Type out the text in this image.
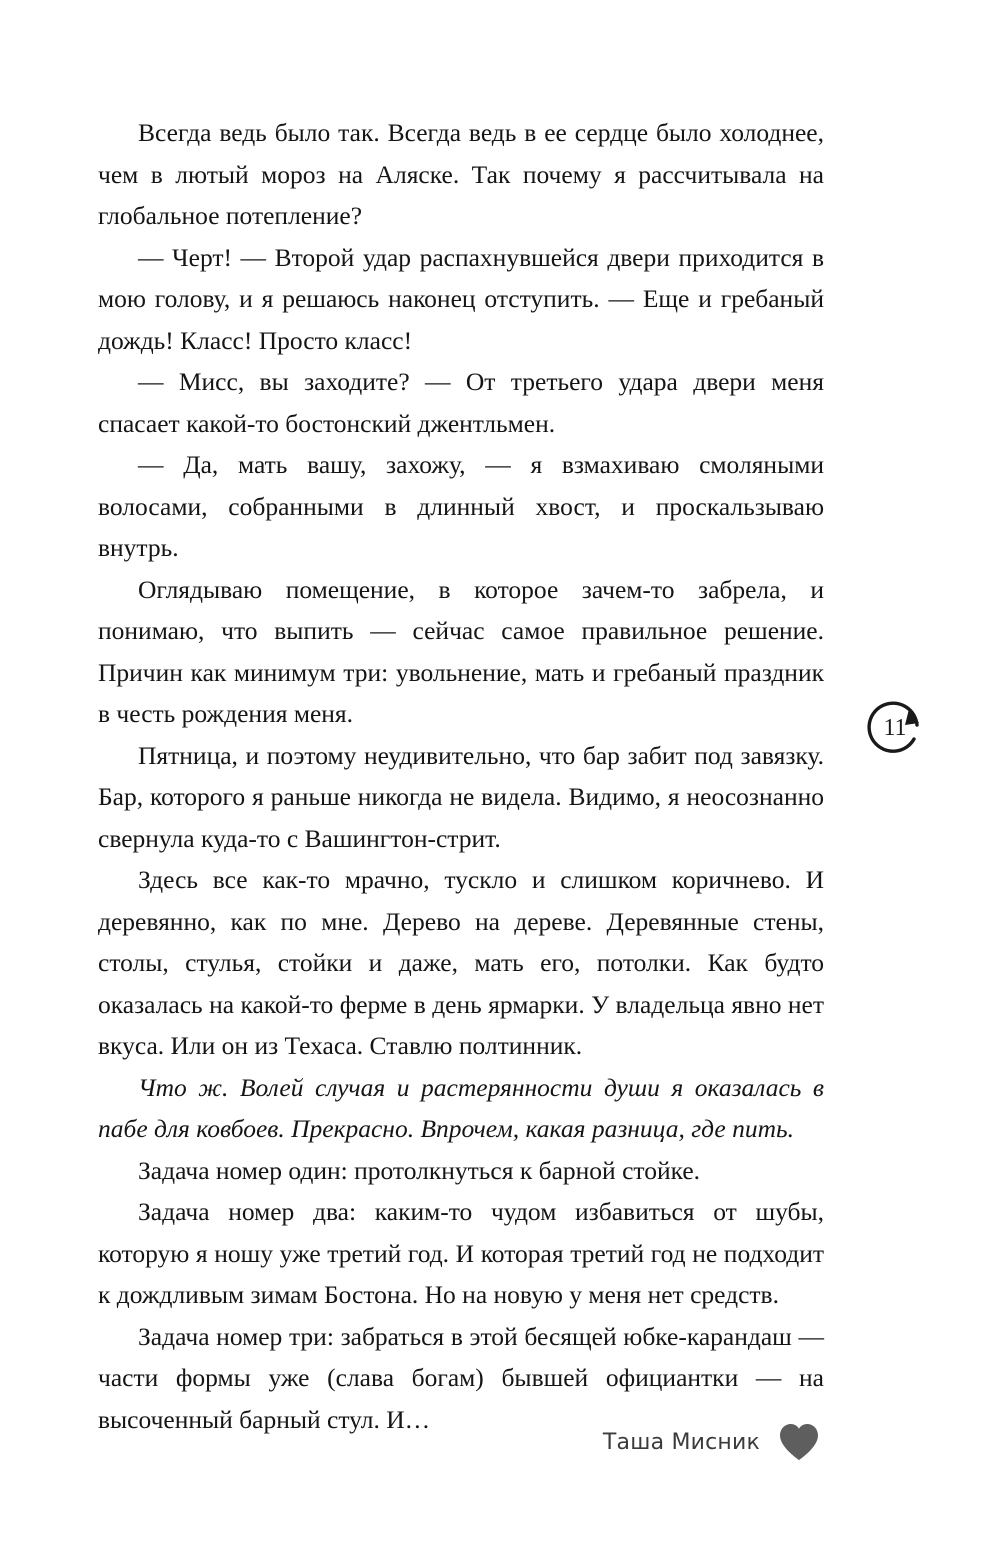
Всегда ведь было так. Всегда ведь в ее сердце было холоднее, чем в лютый мороз на Аляске. Так почему я рассчитывала на глобальное потепление?

— Черт! — Второй удар распахнувшейся двери приходится в мою голову, и я решаюсь наконец отступить. — Еще и гребаный дождь! Класс! Просто класс!

— Мисс, вы заходите? — От третьего удара двери меня спасает какой-то бостонский джентльмен.

— Да, мать вашу, захожу, — я взмахиваю смоляными волосами, собранными в длинный хвост, и проскальзываю внутрь.

Оглядываю помещение, в которое зачем-то забрела, и понимаю, что выпить — сейчас самое правильное решение. Причин как минимум три: увольнение, мать и гребаный праздник в честь рождения меня.

Пятница, и поэтому неудивительно, что бар забит под завязку. Бар, которого я раньше никогда не видела. Видимо, я неосознанно свернула куда-то с Вашингтон-стрит.

Здесь все как-то мрачно, тускло и слишком коричнево. И деревянно, как по мне. Дерево на дереве. Деревянные стены, столы, стулья, стойки и даже, мать его, потолки. Как будто оказалась на какой-то ферме в день ярмарки. У владельца явно нет вкуса. Или он из Техаса. Ставлю полтинник.

Что ж. Волей случая и растерянности души я оказалась в пабе для ковбоев. Прекрасно. Впрочем, какая разница, где пить.

Задача номер один: протолкнуться к барной стойке.

Задача номер два: каким-то чудом избавиться от шубы, которую я ношу уже третий год. И которая третий год не подходит к дождливым зимам Бостона. Но на новую у меня нет средств.

Задача номер три: забраться в этой бесящей юбке-карандаш — части формы уже (слава богам) бывшей официантки — на высоченный барный стул. И…

11
Таша Мисник
